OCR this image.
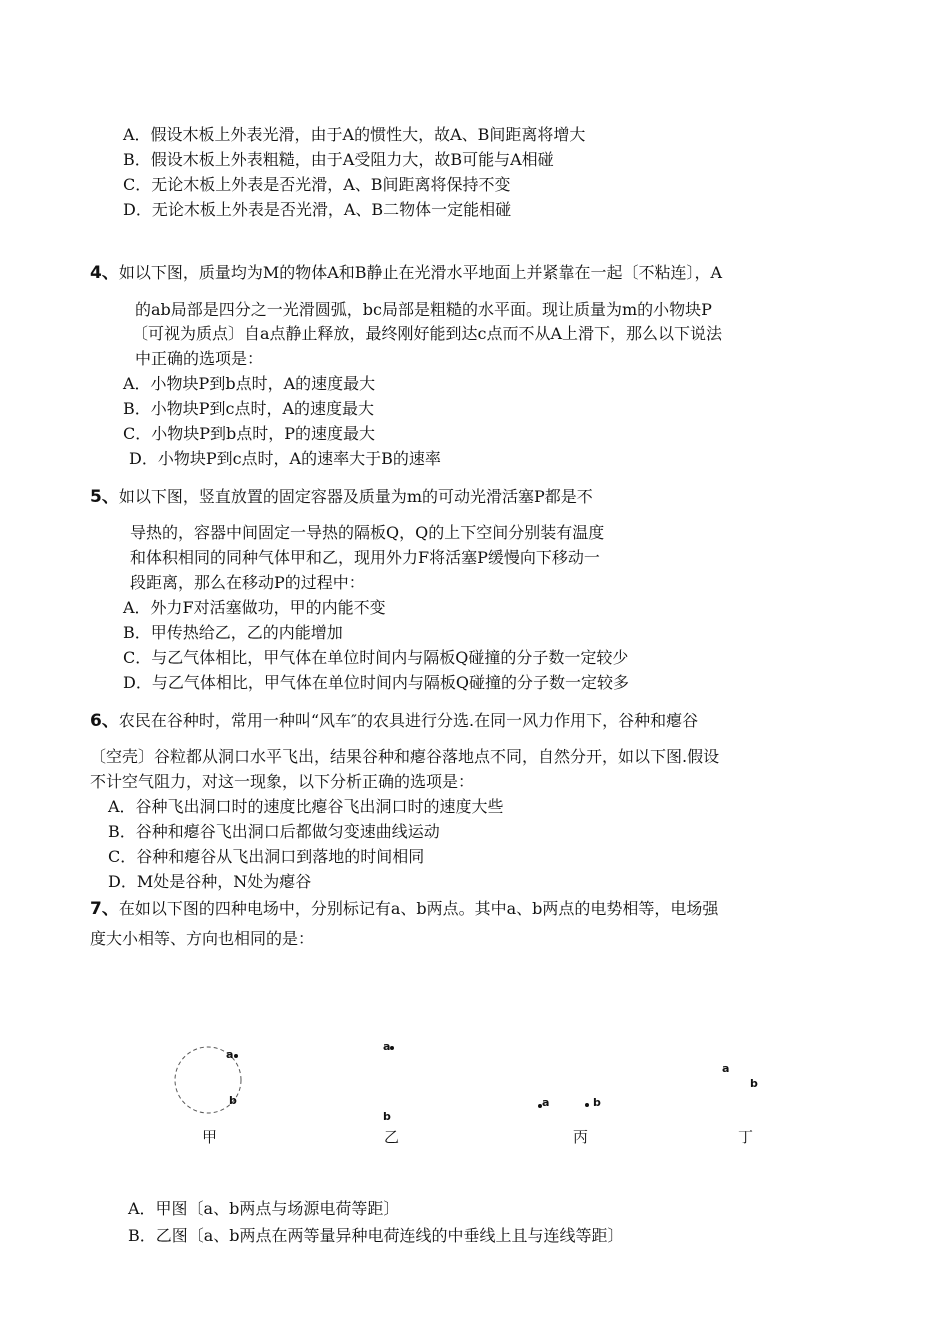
A．假设木板上外表光滑，由于A的惯性大，故A、B间距离将增大
B．假设木板上外表粗糙，由于A受阻力大，故B可能与A相碰
C．无论木板上外表是否光滑，A、B间距离将保持不变
D．无论木板上外表是否光滑，A、B二物体一定能相碰
4、如以下图，质量均为M的物体A和B静止在光滑水平地面上并紧靠在一起〔不粘连〕，A
的ab局部是四分之一光滑圆弧，bc局部是粗糙的水平面。现让质量为m的小物块P
〔可视为质点〕自a点静止释放，最终刚好能到达c点而不从A上滑下，那么以下说法
中正确的选项是：
A．小物块P到b点时，A的速度最大
B．小物块P到c点时，A的速度最大
C．小物块P到b点时，P的速度最大
D．小物块P到c点时，A的速率大于B的速率
5、如以下图，竖直放置的固定容器及质量为m的可动光滑活塞P都是不
导热的，容器中间固定一导热的隔板Q，Q的上下空间分别装有温度
和体积相同的同种气体甲和乙，现用外力F将活塞P缓慢向下移动一
段距离，那么在移动P的过程中：
A．外力F对活塞做功，甲的内能不变
B．甲传热给乙，乙的内能增加
C．与乙气体相比，甲气体在单位时间内与隔板Q碰撞的分子数一定较少
D．与乙气体相比，甲气体在单位时间内与隔板Q碰撞的分子数一定较多
6、农民在谷种时，常用一种叫“风车″的农具进行分选.在同一风力作用下，谷种和瘪谷
〔空壳〕谷粒都从洞口水平飞出，结果谷种和瘪谷落地点不同，自然分开，如以下图.假设
不计空气阻力，对这一现象，以下分析正确的选项是：
A．谷种飞出洞口时的速度比瘪谷飞出洞口时的速度大些
B．谷种和瘪谷飞出洞口后都做匀变速曲线运动
C．谷种和瘪谷从飞出洞口到落地的时间相同
D．M处是谷种，N处为瘪谷
7、在如以下图的四种电场中，分别标记有a、b两点。其中a、b两点的电势相等，电场强
度大小相等、方向也相同的是：
a
b
甲
a
b
乙
a	b
丙
a
b
丁
A．甲图〔a、b两点与场源电荷等距〕
B．乙图〔a、b两点在两等量异种电荷连线的中垂线上且与连线等距〕
